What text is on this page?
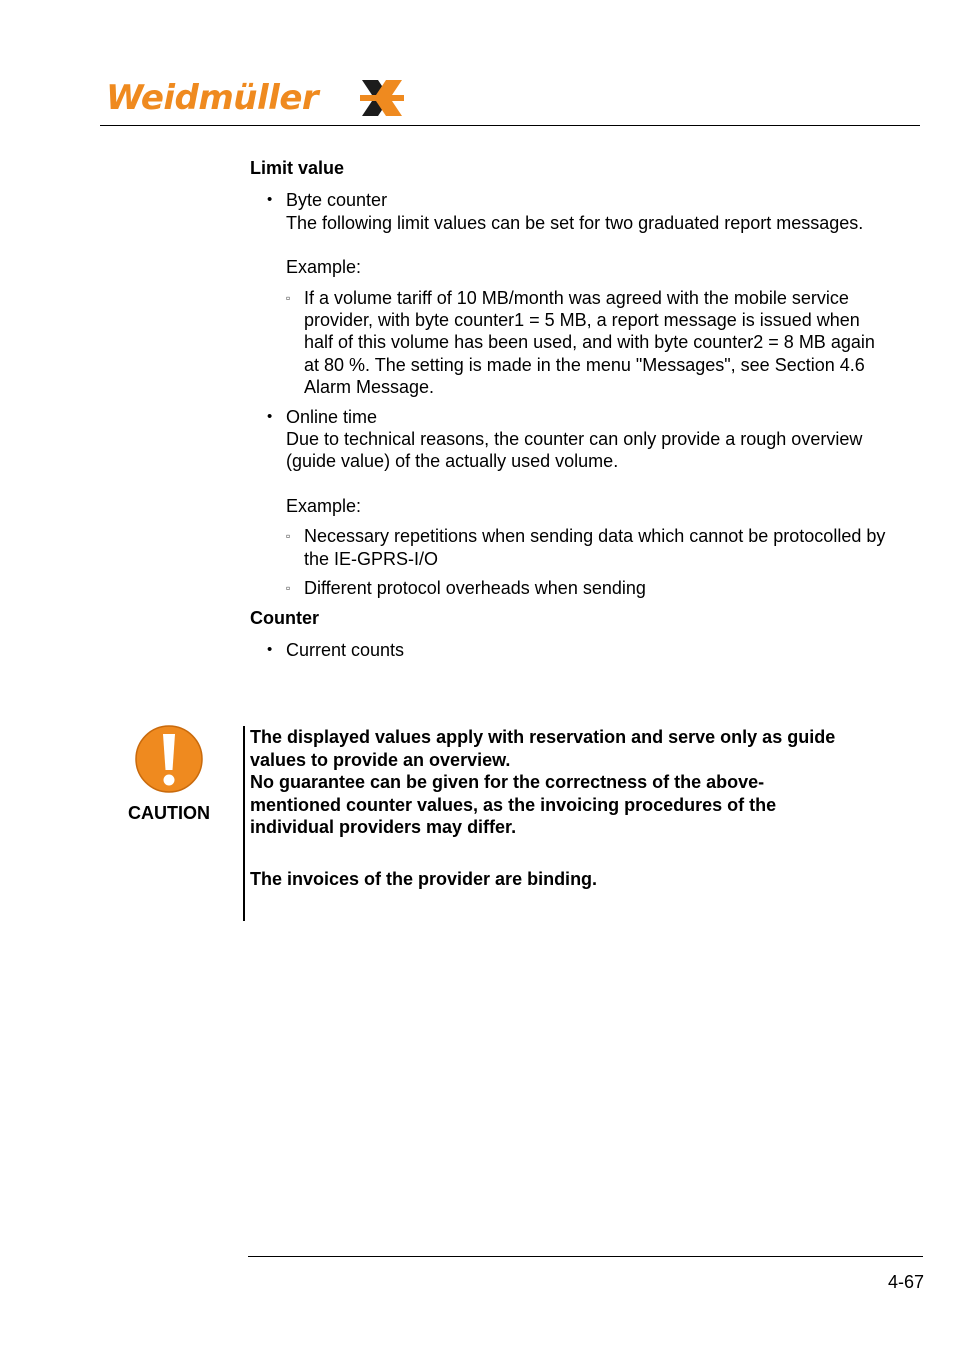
Weidmüller

Limit value

• Byte counter
The following limit values can be set for two graduated report messages.
Example:
▫ If a volume tariff of 10 MB/month was agreed with the mobile service provider, with byte counter1 = 5 MB, a report message is issued when half of this volume has been used, and with byte counter2 = 8 MB again at 80 %. The setting is made in the menu "Messages", see Section 4.6 Alarm Message.
• Online time
Due to technical reasons, the counter can only provide a rough overview (guide value) of the actually used volume.
Example:
▫ Necessary repetitions when sending data which cannot be protocolled by the IE-GPRS-I/O
▫ Different protocol overheads when sending

Counter

• Current counts
CAUTION

The displayed values apply with reservation and serve only as guide values to provide an overview.

No guarantee can be given for the correctness of the above-mentioned counter values, as the invoicing procedures of the individual providers may differ.

The invoices of the provider are binding.

4-67
